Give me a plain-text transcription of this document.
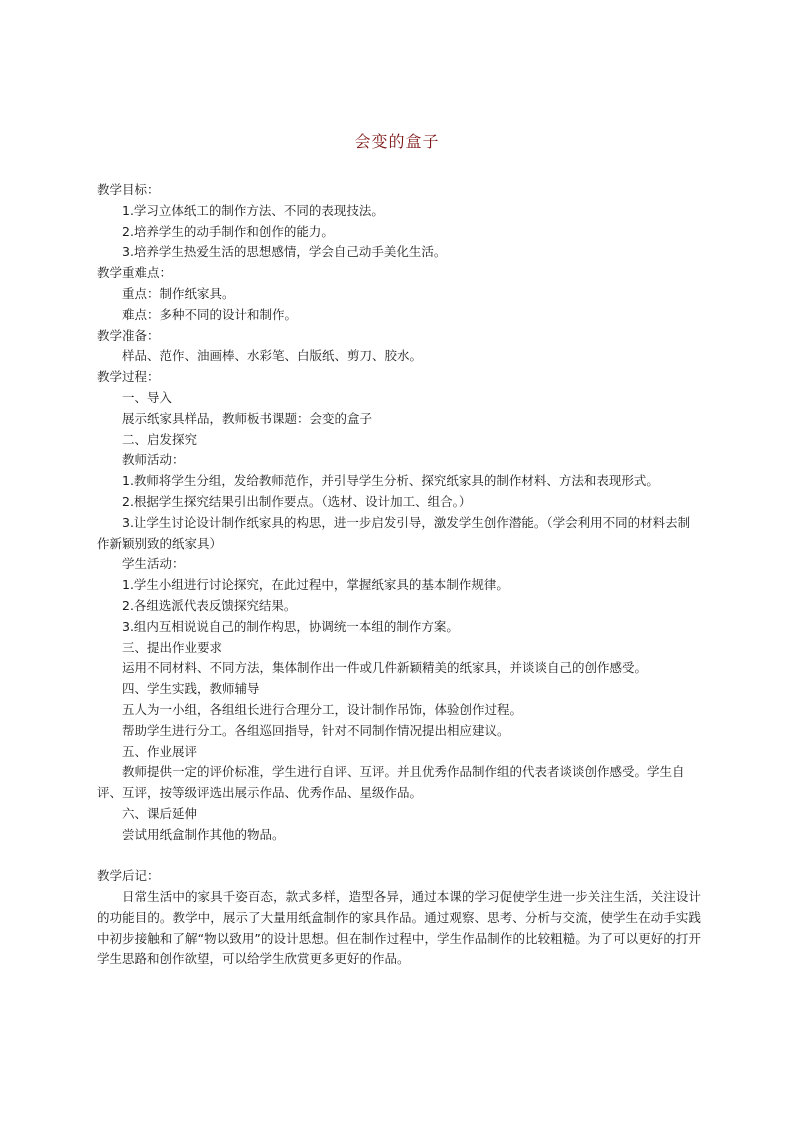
会变的盒子

教学目标：

1.学习立体纸工的制作方法、不同的表现技法。

2.培养学生的动手制作和创作的能力。

3.培养学生热爱生活的思想感情，学会自己动手美化生活。

教学重难点：

重点：制作纸家具。

难点：多种不同的设计和制作。

教学准备：

样品、范作、油画棒、水彩笔、白版纸、剪刀、胶水。

教学过程：

一、导入

展示纸家具样品，教师板书课题：会变的盒子

二、启发探究

教师活动：

1.教师将学生分组，发给教师范作，并引导学生分析、探究纸家具的制作材料、方法和表现形式。

2.根据学生探究结果引出制作要点。（选材、设计加工、组合。）

3.让学生讨论设计制作纸家具的构思，进一步启发引导，激发学生创作潜能。（学会利用不同的材料去制作新颖别致的纸家具）

学生活动：

1.学生小组进行讨论探究，在此过程中，掌握纸家具的基本制作规律。

2.各组选派代表反馈探究结果。

3.组内互相说说自己的制作构思，协调统一本组的制作方案。

三、提出作业要求

运用不同材料、不同方法，集体制作出一件或几件新颖精美的纸家具，并谈谈自己的创作感受。

四、学生实践，教师辅导

五人为一小组，各组组长进行合理分工，设计制作吊饰，体验创作过程。

帮助学生进行分工。各组巡回指导，针对不同制作情况提出相应建议。

五、作业展评

教师提供一定的评价标准，学生进行自评、互评。并且优秀作品制作组的代表者谈谈创作感受。学生自评、互评，按等级评选出展示作品、优秀作品、星级作品。

六、课后延伸

尝试用纸盒制作其他的物品。

教学后记：

日常生活中的家具千姿百态，款式多样，造型各异，通过本课的学习促使学生进一步关注生活，关注设计的功能目的。教学中，展示了大量用纸盒制作的家具作品。通过观察、思考、分析与交流，使学生在动手实践中初步接触和了解“物以致用”的设计思想。但在制作过程中，学生作品制作的比较粗糙。为了可以更好的打开学生思路和创作欲望，可以给学生欣赏更多更好的作品。
